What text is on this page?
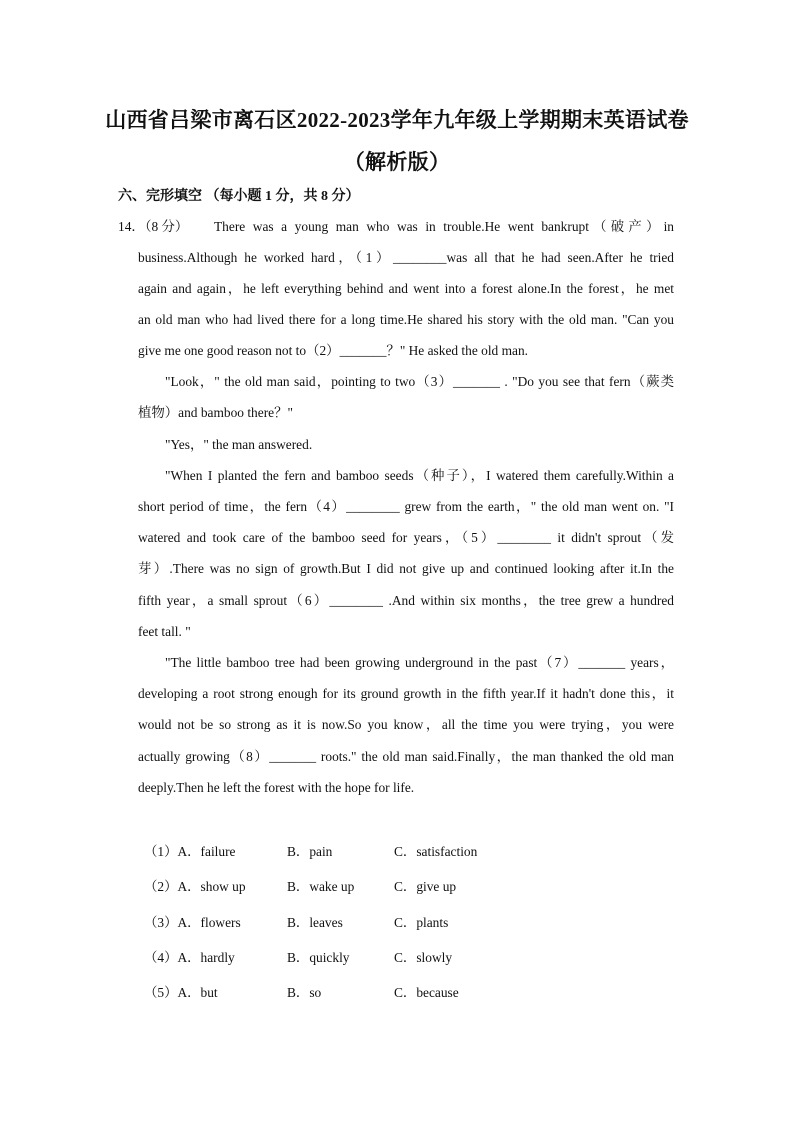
山西省吕梁市离石区2022-2023学年九年级上学期期末英语试卷
（解析版）
六、完形填空 （每小题 1 分，共 8 分）
14．（8 分） There was a young man who was in trouble.He went bankrupt（破产）in
business.Although he worked hard，（1）________was all that he had seen.After he tried
again and again，he left everything behind and went into a forest alone.In the forest，he met
an old man who had lived there for a long time.He shared his story with the old man. "Can you
give me one good reason not to（2）_______？" He asked the old man.
"Look，" the old man said，pointing to two（3）_______ . "Do you see that fern（蕨类
植物）and bamboo there？"
"Yes，" the man answered.
"When I planted the fern and bamboo seeds（种子），I watered them carefully.Within a
short period of time，the fern（4）________ grew from the earth，" the old man went on. "I
watered and took care of the bamboo seed for years，（5）________ it didn't sprout（发
芽）.There was no sign of growth.But I did not give up and continued looking after it.In the
fifth year，a small sprout（6）________ .And within six months，the tree grew a hundred
feet tall. "
"The little bamboo tree had been growing underground in the past（7）_______ years，
developing a root strong enough for its ground growth in the fifth year.If it hadn't done this，it
would not be so strong as it is now.So you know，all the time you were trying，you were
actually growing（8）_______ roots." the old man said.Finally，the man thanked the old man
deeply.Then he left the forest with the hope for life.
（1）A．failure	B．pain	C．satisfaction
（2）A．show up	B．wake up	C．give up
（3）A．flowers	B．leaves	C．plants
（4）A．hardly	B．quickly	C．slowly
（5）A．but	B．so	C．because
